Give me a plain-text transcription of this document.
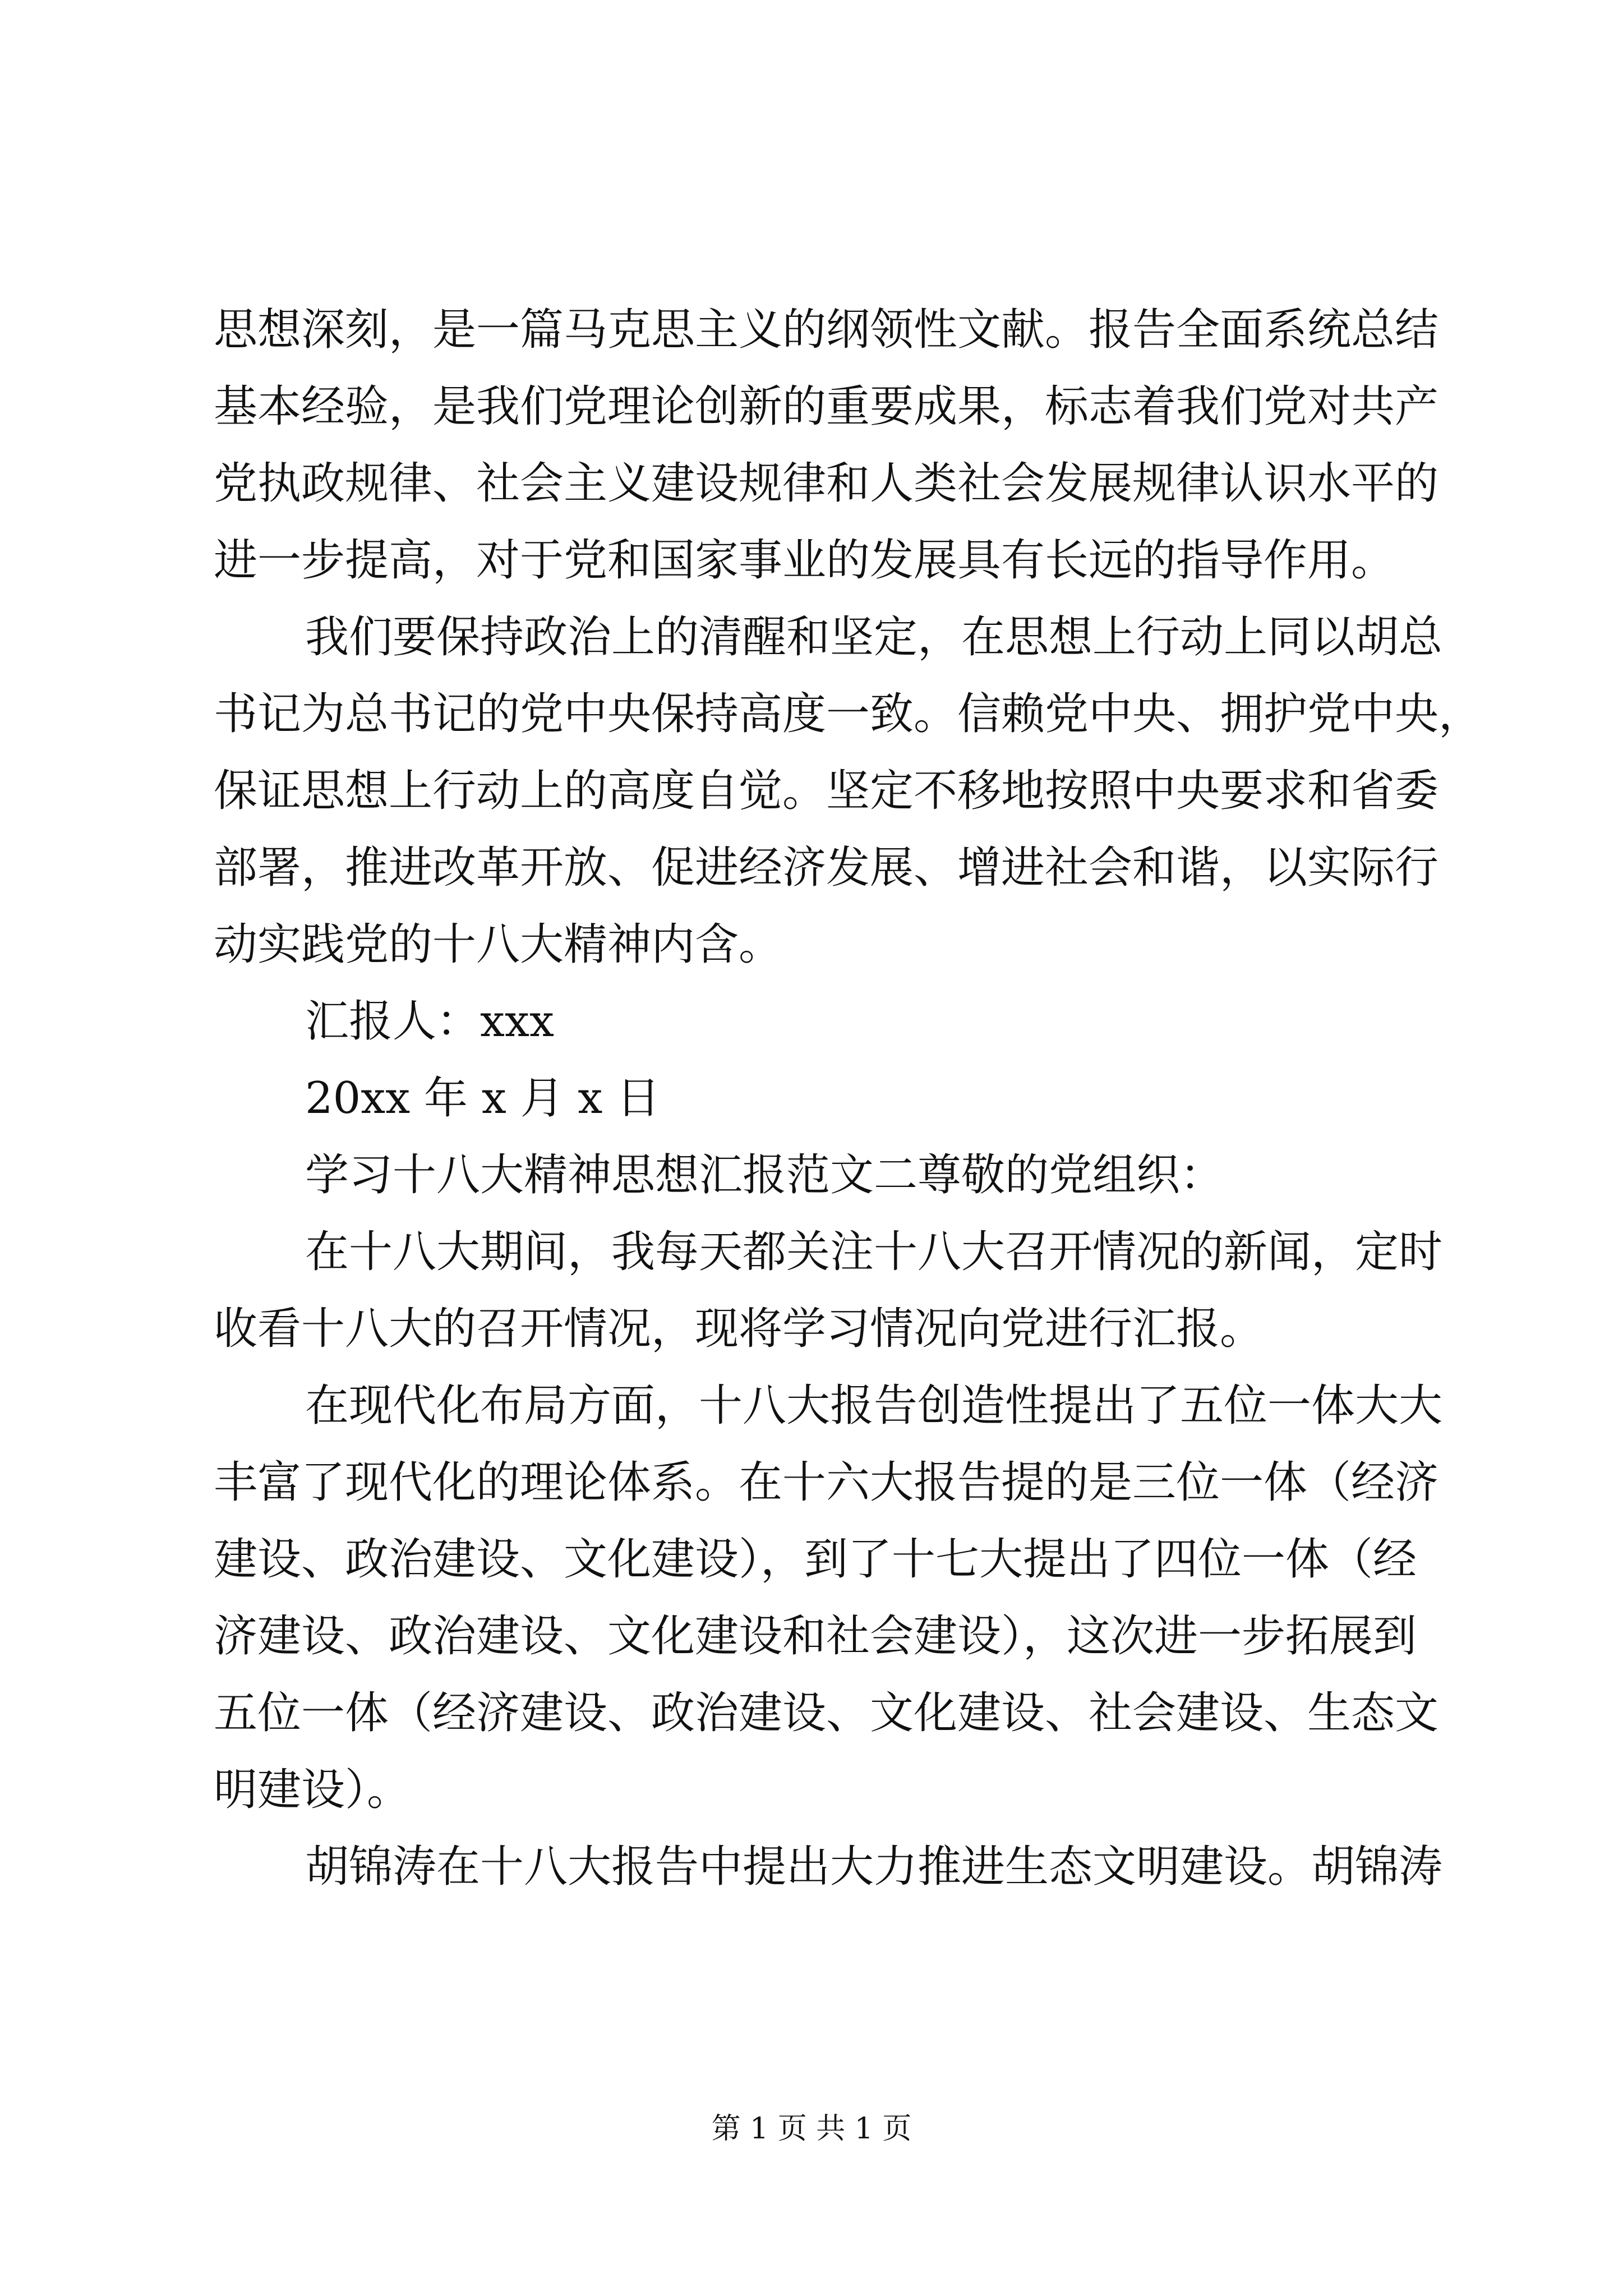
思想深刻，是一篇马克思主义的纲领性文献。报告全面系统总结
基本经验，是我们党理论创新的重要成果，标志着我们党对共产
党执政规律、社会主义建设规律和人类社会发展规律认识水平的
进一步提高，对于党和国家事业的发展具有长远的指导作用。
我们要保持政治上的清醒和坚定，在思想上行动上同以胡总
书记为总书记的党中央保持高度一致。信赖党中央、拥护党中央，
保证思想上行动上的高度自觉。坚定不移地按照中央要求和省委
部署，推进改革开放、促进经济发展、增进社会和谐，以实际行
动实践党的十八大精神内含。
汇报人：xxx
20xx 年 x 月 x 日
学习十八大精神思想汇报范文二尊敬的党组织：
在十八大期间，我每天都关注十八大召开情况的新闻，定时
收看十八大的召开情况，现将学习情况向党进行汇报。
在现代化布局方面，十八大报告创造性提出了五位一体大大
丰富了现代化的理论体系。在十六大报告提的是三位一体（经济
建设、政治建设、文化建设），到了十七大提出了四位一体（经
济建设、政治建设、文化建设和社会建设），这次进一步拓展到
五位一体（经济建设、政治建设、文化建设、社会建设、生态文
明建设）。
胡锦涛在十八大报告中提出大力推进生态文明建设。胡锦涛
第 1 页 共 1 页
